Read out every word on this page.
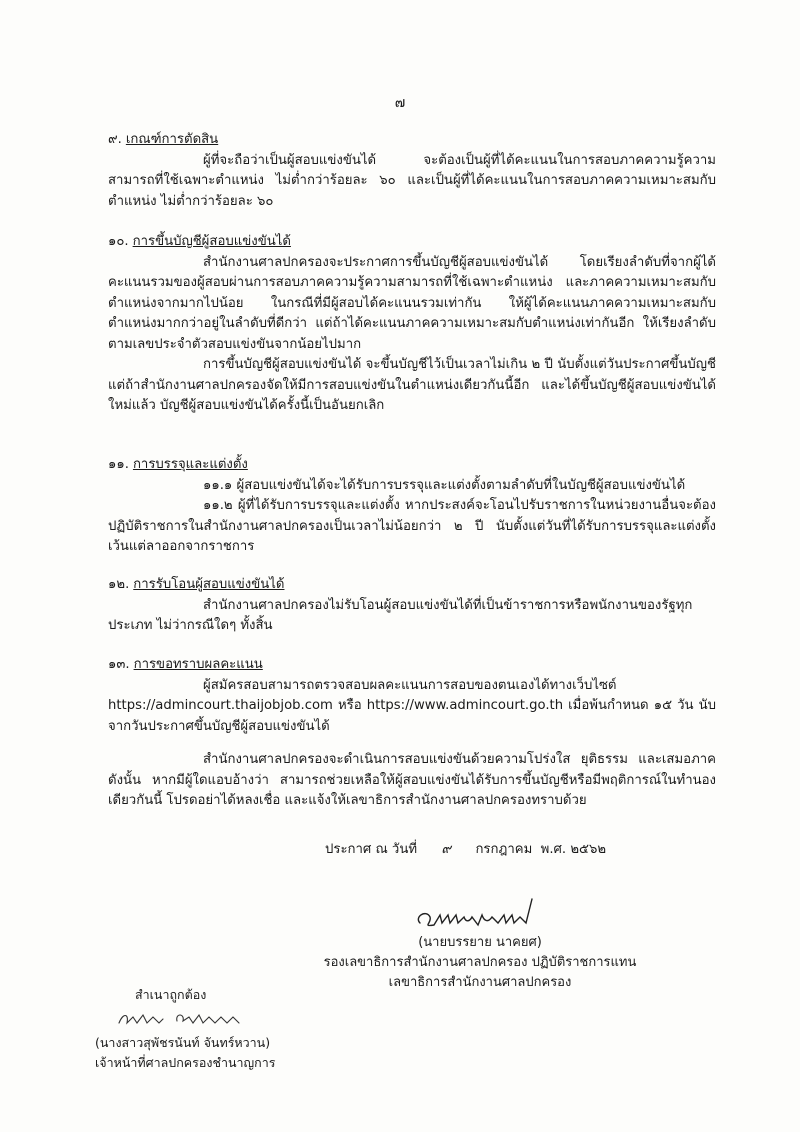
๗
๙. เกณฑ์การตัดสิน

ผู้ที่จะถือว่าเป็นผู้สอบแข่งขันได้ จะต้องเป็นผู้ที่ได้คะแนนในการสอบภาคความรู้ความสามารถที่ใช้เฉพาะตำแหน่ง ไม่ต่ำกว่าร้อยละ ๖๐ และเป็นผู้ที่ได้คะแนนในการสอบภาคความเหมาะสมกับตำแหน่ง ไม่ต่ำกว่าร้อยละ ๖๐

๑๐. การขึ้นบัญชีผู้สอบแข่งขันได้

สำนักงานศาลปกครองจะประกาศการขึ้นบัญชีผู้สอบแข่งขันได้ โดยเรียงลำดับที่จากผู้ได้คะแนนรวมของผู้สอบผ่านการสอบภาคความรู้ความสามารถที่ใช้เฉพาะตำแหน่ง และภาคความเหมาะสมกับตำแหน่งจากมากไปน้อย ในกรณีที่มีผู้สอบได้คะแนนรวมเท่ากัน ให้ผู้ได้คะแนนภาคความเหมาะสมกับตำแหน่งมากกว่าอยู่ในลำดับที่ดีกว่า แต่ถ้าได้คะแนนภาคความเหมาะสมกับตำแหน่งเท่ากันอีก ให้เรียงลำดับตามเลขประจำตัวสอบแข่งขันจากน้อยไปมาก

การขึ้นบัญชีผู้สอบแข่งขันได้ จะขึ้นบัญชีไว้เป็นเวลาไม่เกิน ๒ ปี นับตั้งแต่วันประกาศขึ้นบัญชี แต่ถ้าสำนักงานศาลปกครองจัดให้มีการสอบแข่งขันในตำแหน่งเดียวกันนี้อีก และได้ขึ้นบัญชีผู้สอบแข่งขันได้ใหม่แล้ว บัญชีผู้สอบแข่งขันได้ครั้งนี้เป็นอันยกเลิก

๑๑. การบรรจุและแต่งตั้ง

๑๑.๑ ผู้สอบแข่งขันได้จะได้รับการบรรจุและแต่งตั้งตามลำดับที่ในบัญชีผู้สอบแข่งขันได้

๑๑.๒ ผู้ที่ได้รับการบรรจุและแต่งตั้ง หากประสงค์จะโอนไปรับราชการในหน่วยงานอื่นจะต้องปฏิบัติราชการในสำนักงานศาลปกครองเป็นเวลาไม่น้อยกว่า ๒ ปี นับตั้งแต่วันที่ได้รับการบรรจุและแต่งตั้ง เว้นแต่ลาออกจากราชการ

๑๒. การรับโอนผู้สอบแข่งขันได้

สำนักงานศาลปกครองไม่รับโอนผู้สอบแข่งขันได้ที่เป็นข้าราชการหรือพนักงานของรัฐทุกประเภท ไม่ว่ากรณีใดๆ ทั้งสิ้น

๑๓. การขอทราบผลคะแนน

ผู้สมัครสอบสามารถตรวจสอบผลคะแนนการสอบของตนเองได้ทางเว็บไซต์ https://admincourt.thaijobjob.com หรือ https://www.admincourt.go.th เมื่อพ้นกำหนด ๑๕ วัน นับจากวันประกาศขึ้นบัญชีผู้สอบแข่งขันได้

สำนักงานศาลปกครองจะดำเนินการสอบแข่งขันด้วยความโปร่งใส ยุติธรรม และเสมอภาค ดังนั้น หากมีผู้ใดแอบอ้างว่า สามารถช่วยเหลือให้ผู้สอบแข่งขันได้รับการขึ้นบัญชีหรือมีพฤติการณ์ในทำนองเดียวกันนี้ โปรดอย่าได้หลงเชื่อ และแจ้งให้เลขาธิการสำนักงานศาลปกครองทราบด้วย

ประกาศ ณ วันที่ ๙ กรกฎาคม พ.ศ. ๒๕๖๒
(นายบรรยาย นาคยศ)
รองเลขาธิการสำนักงานศาลปกครอง ปฏิบัติราชการแทน
เลขาธิการสำนักงานศาลปกครอง
สำเนาถูกต้อง
(นางสาวสุพัชรนันท์ จันทร์หวาน)
เจ้าหน้าที่ศาลปกครองชำนาญการ
